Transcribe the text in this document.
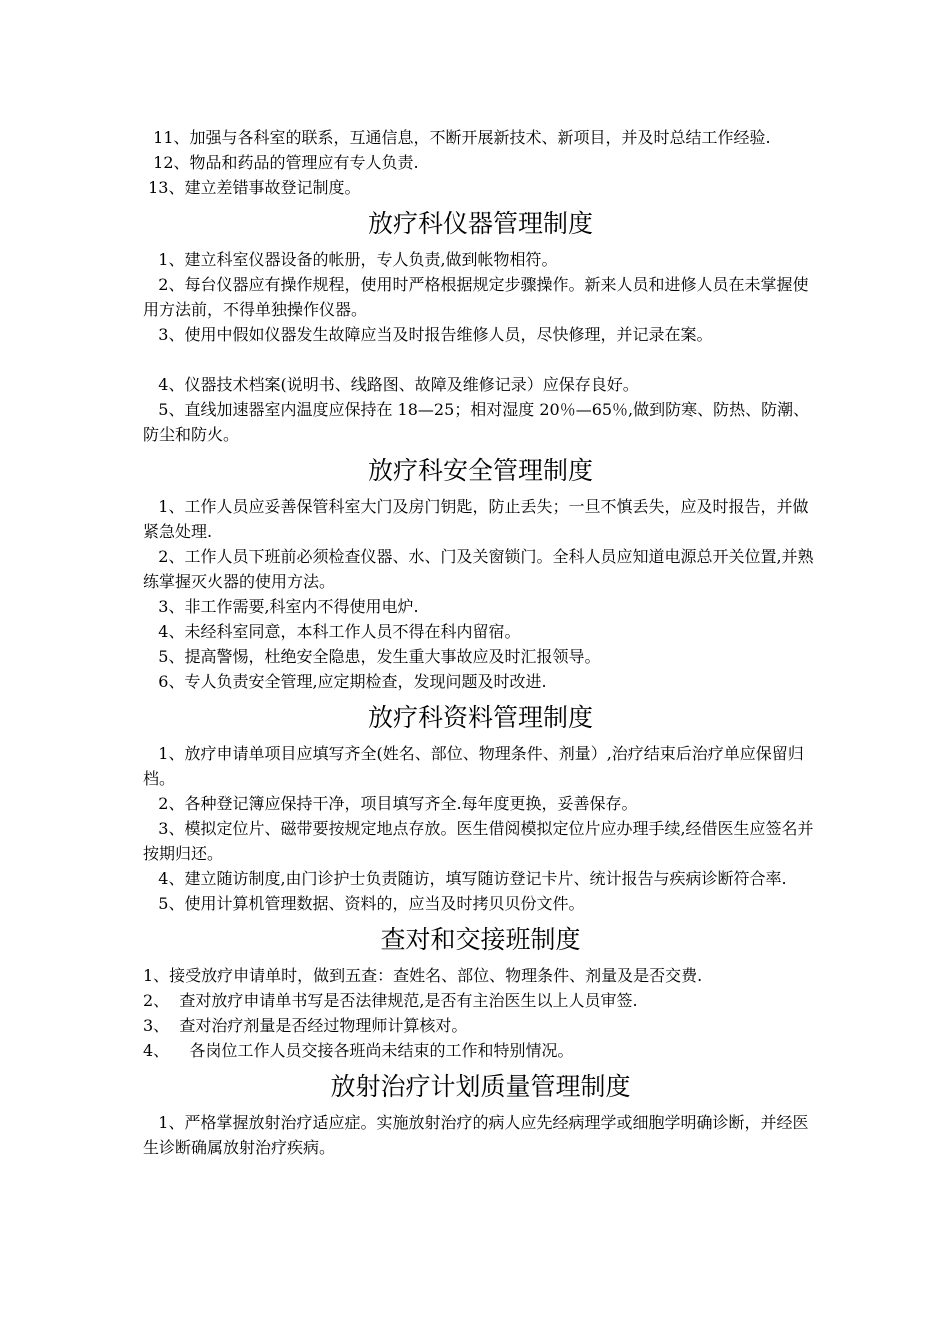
11、加强与各科室的联系，互通信息，不断开展新技术、新项目，并及时总结工作经验.

12、物品和药品的管理应有专人负责.

13、建立差错事故登记制度。

放疗科仪器管理制度

1、建立科室仪器设备的帐册，专人负责,做到帐物相符。

2、每台仪器应有操作规程，使用时严格根据规定步骤操作。新来人员和进修人员在未掌握使用方法前，不得单独操作仪器。

3、使用中假如仪器发生故障应当及时报告维修人员，尽快修理，并记录在案。

4、仪器技术档案(说明书、线路图、故障及维修记录）应保存良好。

5、直线加速器室内温度应保持在 18—25；相对湿度 20％—65％,做到防寒、防热、防潮、防尘和防火。

放疗科安全管理制度

1、工作人员应妥善保管科室大门及房门钥匙，防止丢失；一旦不慎丢失，应及时报告，并做紧急处理.

2、工作人员下班前必须检查仪器、水、门及关窗锁门。全科人员应知道电源总开关位置,并熟练掌握灭火器的使用方法。

3、非工作需要,科室内不得使用电炉.

4、未经科室同意，本科工作人员不得在科内留宿。

5、提高警惕，杜绝安全隐患，发生重大事故应及时汇报领导。

6、专人负责安全管理,应定期检查，发现问题及时改进.

放疗科资料管理制度

1、放疗申请单项目应填写齐全(姓名、部位、物理条件、剂量）,治疗结束后治疗单应保留归档。

2、各种登记簿应保持干净，项目填写齐全.每年度更换，妥善保存。

3、模拟定位片、磁带要按规定地点存放。医生借阅模拟定位片应办理手续,经借医生应签名并按期归还。

4、建立随访制度,由门诊护士负责随访，填写随访登记卡片、统计报告与疾病诊断符合率.

5、使用计算机管理数据、资料的，应当及时拷贝贝份文件。

查对和交接班制度

1、接受放疗申请单时，做到五查：查姓名、部位、物理条件、剂量及是否交费.

2、  查对放疗申请单书写是否法律规范,是否有主治医生以上人员审签.

3、  查对治疗剂量是否经过物理师计算核对。

4、    各岗位工作人员交接各班尚未结束的工作和特别情况。

放射治疗计划质量管理制度

1、严格掌握放射治疗适应症。实施放射治疗的病人应先经病理学或细胞学明确诊断，并经医生诊断确属放射治疗疾病。
